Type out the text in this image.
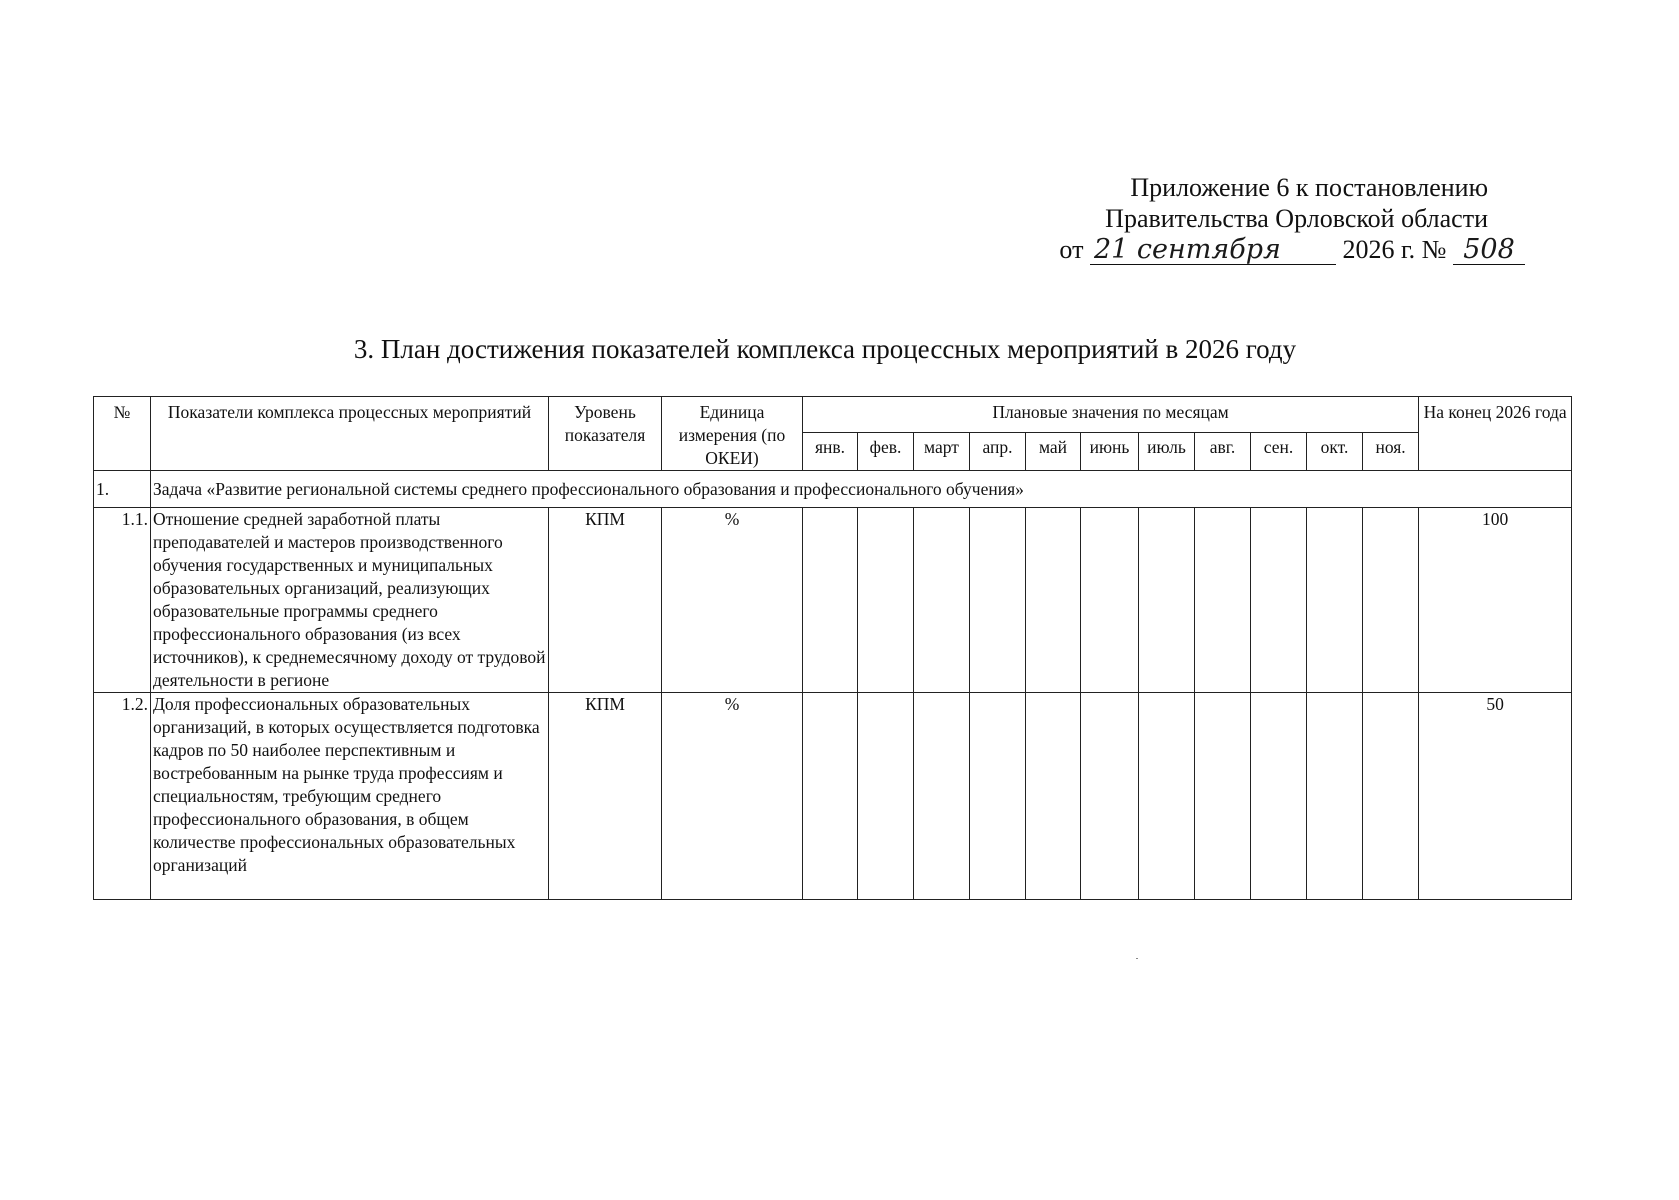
Приложение 6 к постановлению
Правительства Орловской области
от 21 сентября 2026 г. № 508
3. План достижения показателей комплекса процессных мероприятий в 2026 году
№	Показатели комплекса процессных мероприятий	Уровень показателя	Единица измерения (по ОКЕИ)	Плановые значения по месяцам											На конец 2026 года
				янв.	фев.	март	апр.	май	июнь	июль	авг.	сен.	окт.	ноя.	
1.	Задача «Развитие региональной системы среднего профессионального образования и профессионального обучения»														
1.1.	Отношение средней заработной платы преподавателей и мастеров производственного обучения государственных и муниципальных образовательных организаций, реализующих образовательные программы среднего профессионального образования (из всех источников), к среднемесячному доходу от трудовой деятельности в регионе	КПМ	%												100
1.2.	Доля профессиональных образовательных организаций, в которых осуществляется подготовка кадров по 50 наиболее перспективным и востребованным на рынке труда профессиям и специальностям, требующим среднего профессионального образования, в общем количестве профессиональных образовательных организаций	КПМ	%												50
